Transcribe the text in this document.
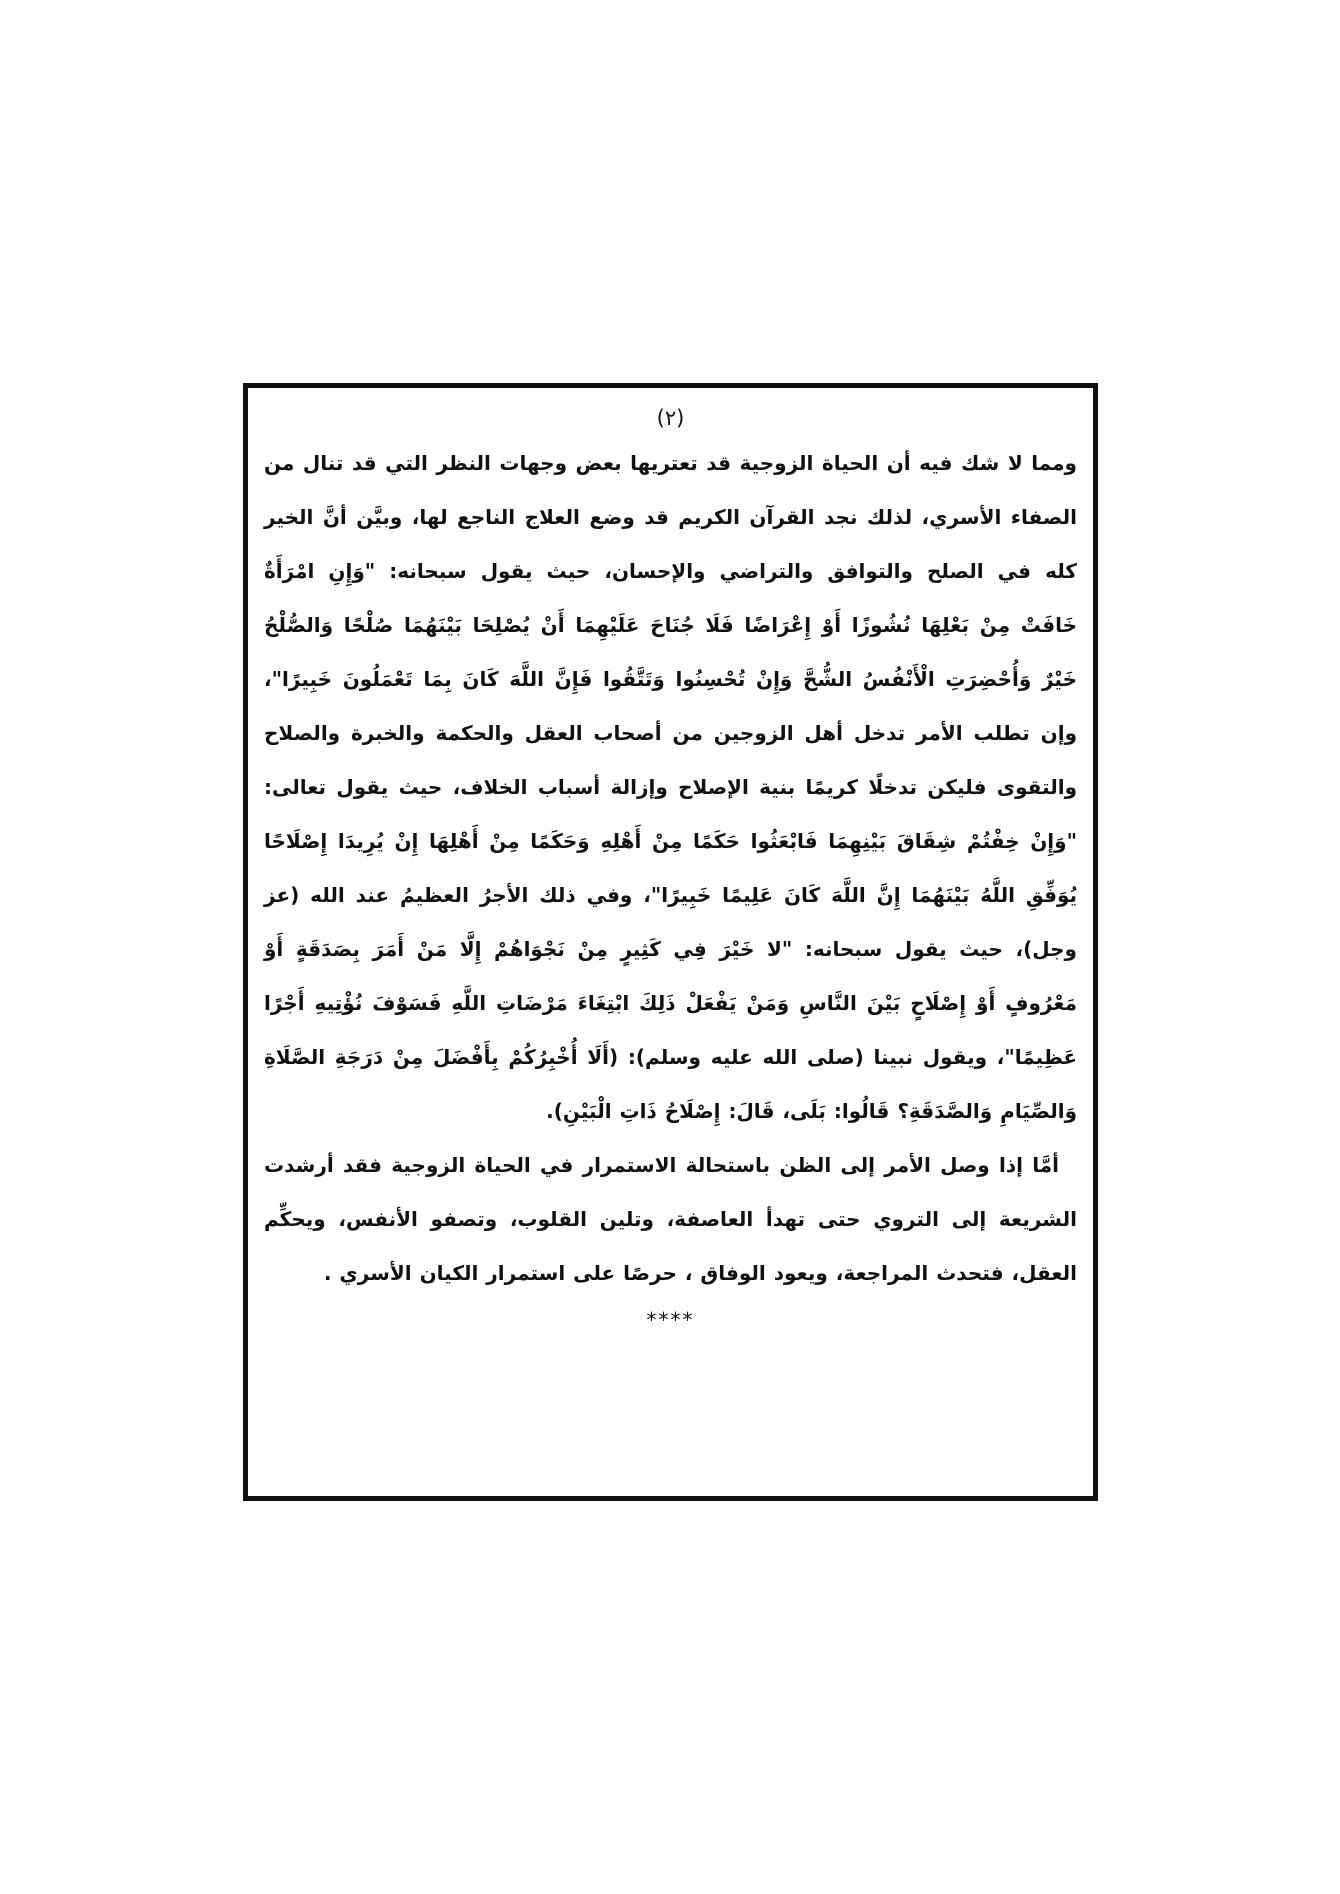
(٢)

ومما لا شك فيه أن الحياة الزوجية قد تعتريها بعض وجهات النظر التي قد تنال من الصفاء الأسري، لذلك نجد القرآن الكريم قد وضع العلاج الناجع لها، وبيَّن أنَّ الخير كله في الصلح والتوافق والتراضي والإحسان، حيث يقول سبحانه: "وَإِنِ امْرَأَةٌ خَافَتْ مِنْ بَعْلِهَا نُشُوزًا أَوْ إِعْرَاضًا فَلَا جُنَاحَ عَلَيْهِمَا أَنْ يُصْلِحَا بَيْنَهُمَا صُلْحًا وَالصُّلْحُ خَيْرٌ وَأُحْضِرَتِ الْأَنْفُسُ الشُّحَّ وَإِنْ تُحْسِنُوا وَتَتَّقُوا فَإِنَّ اللَّهَ كَانَ بِمَا تَعْمَلُونَ خَبِيرًا"، وإن تطلب الأمر تدخل أهل الزوجين من أصحاب العقل والحكمة والخبرة والصلاح والتقوى فليكن تدخلًا كريمًا بنية الإصلاح وإزالة أسباب الخلاف، حيث يقول تعالى: "وَإِنْ خِفْتُمْ شِقَاقَ بَيْنِهِمَا فَابْعَثُوا حَكَمًا مِنْ أَهْلِهِ وَحَكَمًا مِنْ أَهْلِهَا إِنْ يُرِيدَا إِصْلَاحًا يُوَفِّقِ اللَّهُ بَيْنَهُمَا إِنَّ اللَّهَ كَانَ عَلِيمًا خَبِيرًا"، وفي ذلك الأجرُ العظيمُ عند الله (عز وجل)، حيث يقول سبحانه: "لا خَيْرَ فِي كَثِيرٍ مِنْ نَجْوَاهُمْ إِلَّا مَنْ أَمَرَ بِصَدَقَةٍ أَوْ مَعْرُوفٍ أَوْ إِصْلَاحٍ بَيْنَ النَّاسِ وَمَنْ يَفْعَلْ ذَلِكَ ابْتِغَاءَ مَرْضَاتِ اللَّهِ فَسَوْفَ نُؤْتِيهِ أَجْرًا عَظِيمًا"، ويقول نبينا (صلى الله عليه وسلم): (أَلَا أُخْبِرُكُمْ بِأَفْضَلَ مِنْ دَرَجَةِ الصَّلَاةِ وَالصِّيَامِ وَالصَّدَقَةِ؟ قَالُوا: بَلَى، قَالَ: إِصْلَاحُ ذَاتِ الْبَيْنِ).

أمَّا إذا وصل الأمر إلى الظن باستحالة الاستمرار في الحياة الزوجية فقد أرشدت الشريعة إلى التروي حتى تهدأ العاصفة، وتلين القلوب، وتصفو الأنفس، ويحكِّم العقل، فتحدث المراجعة، ويعود الوفاق ، حرصًا على استمرار الكيان الأسري .

****
